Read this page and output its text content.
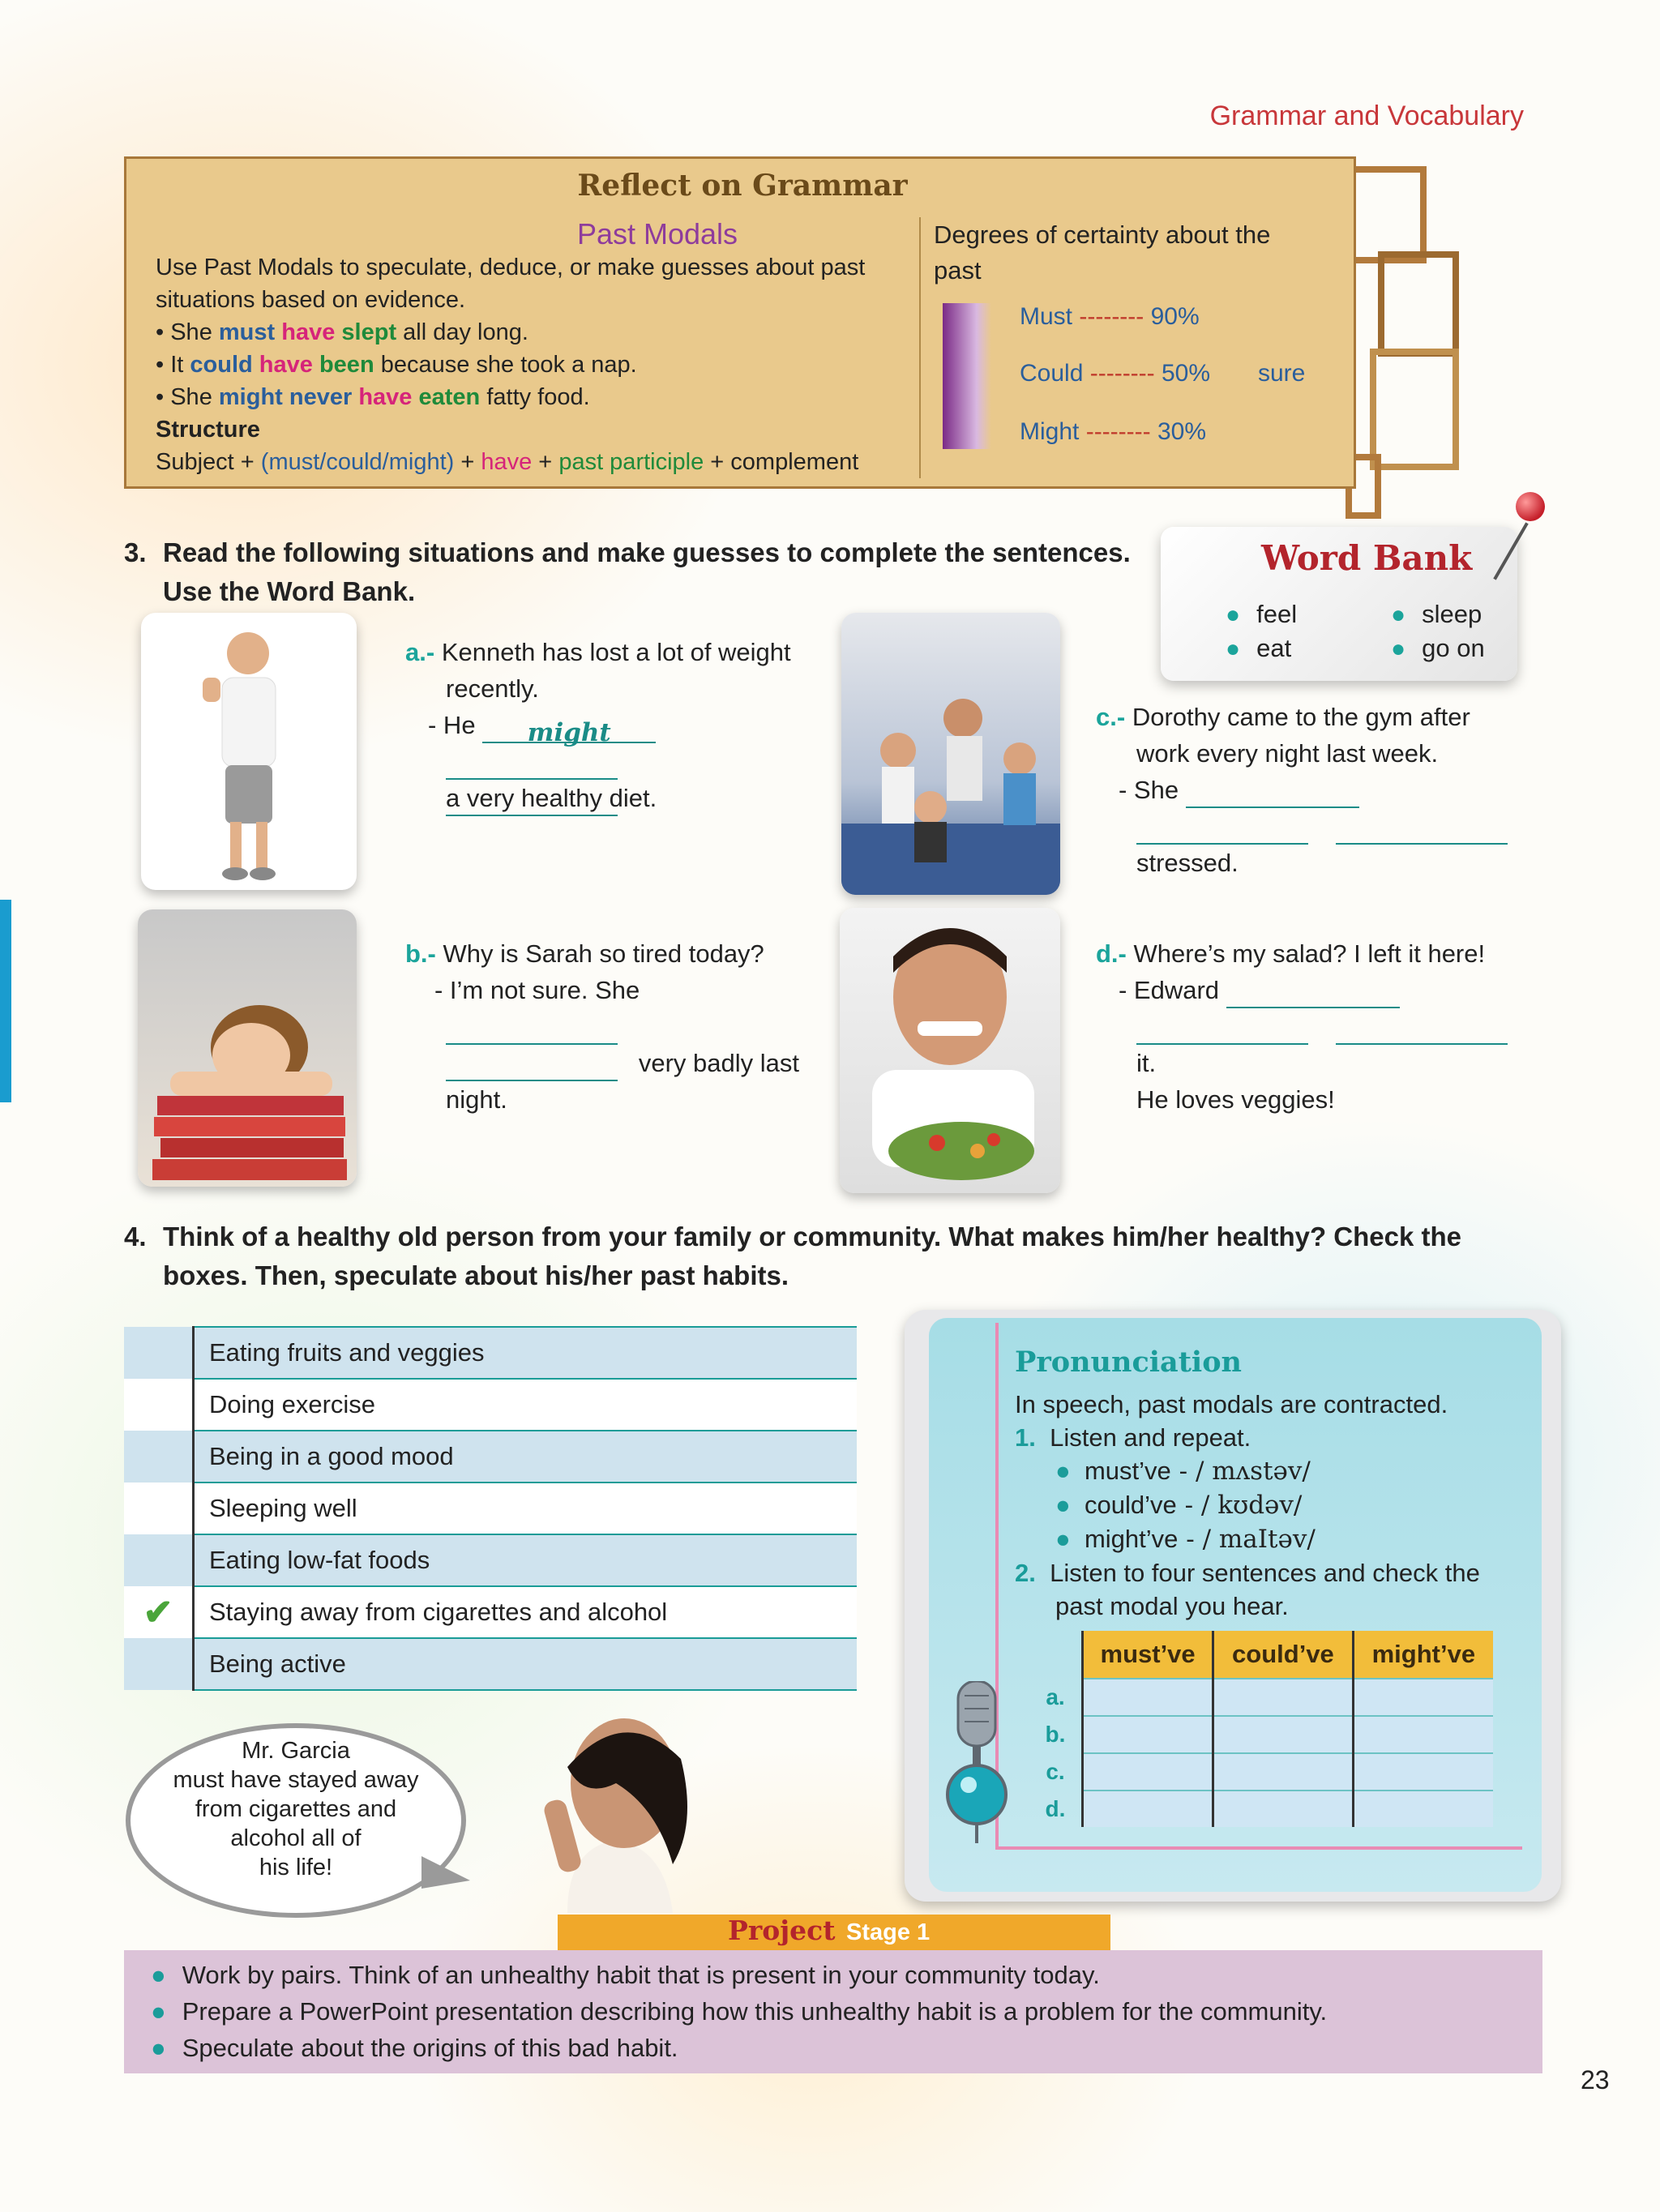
Grammar and Vocabulary
Reflect on Grammar
Past Modals

Use Past Modals to speculate, deduce, or make guesses about past situations based on evidence.

• She must have slept all day long.

• It could have been because she took a nap.

• She might never have eaten fatty food.

Structure

Subject + (must/could/might) + have + past participle + complement

Degrees of certainty about the past
Must -------- 90%
Could -------- 50% sure
Might -------- 30%
3. Read the following situations and make guesses to complete the sentences.
Use the Word Bank.
Word Bank
● feel	● sleep
● eat	● go on
a.- Kenneth has lost a lot of weight
recently.
- He might

a very healthy diet.
c.- Dorothy came to the gym after
work every night last week.
- She

stressed.
b.- Why is Sarah so tired today?
- I’m not sure. She

very badly last
night.
d.- Where’s my salad? I left it here!
- Edward
it.
He loves veggies!
4. Think of a healthy old person from your family or community. What makes him/her healthy? Check the
boxes. Then, speculate about his/her past habits.
	Eating fruits and veggies
	Doing exercise
	Being in a good mood
	Sleeping well
	Eating low-fat foods
✔	Staying away from cigarettes and alcohol
	Being active
Pronunciation
In speech, past modals are contracted.
1. Listen and repeat.
● must’ve - / mʌstəv/
● could’ve - / kʊdəv/
● might’ve - / maItəv/
2. Listen to four sentences and check the
past modal you hear.
	must’ve	could’ve	might’ve
a.			
b.			
c.			
d.			
Mr. Garcia
must have stayed away
from cigarettes and
alcohol all of
his life!
Project Stage 1
● Work by pairs. Think of an unhealthy habit that is present in your community today.
● Prepare a PowerPoint presentation describing how this unhealthy habit is a problem for the community.
● Speculate about the origins of this bad habit.
23
